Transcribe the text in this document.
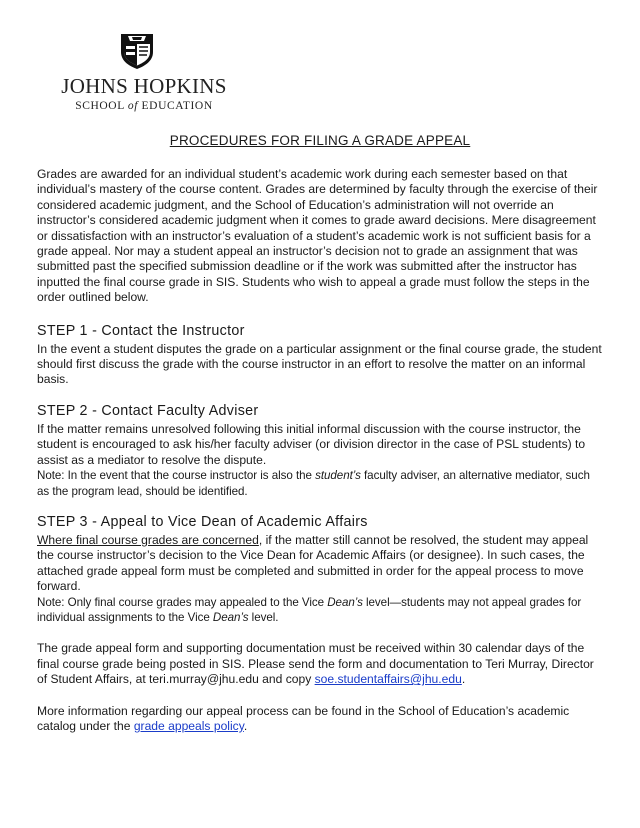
JOHNS HOPKINS
SCHOOL of EDUCATION
PROCEDURES FOR FILING A GRADE APPEAL

Grades are awarded for an individual student’s academic work during each semester based on that individual’s mastery of the course content. Grades are determined by faculty through the exercise of their considered academic judgment, and the School of Education’s administration will not override an instructor’s considered academic judgment when it comes to grade award decisions. Mere disagreement or dissatisfaction with an instructor’s evaluation of a student’s academic work is not sufficient basis for a grade appeal. Nor may a student appeal an instructor’s decision not to grade an assignment that was submitted past the specified submission deadline or if the work was submitted after the instructor has inputted the final course grade in SIS. Students who wish to appeal a grade must follow the steps in the order outlined below.

STEP 1 - Contact the Instructor

In the event a student disputes the grade on a particular assignment or the final course grade, the student should first discuss the grade with the course instructor in an effort to resolve the matter on an informal basis.

STEP 2 - Contact Faculty Adviser

If the matter remains unresolved following this initial informal discussion with the course instructor, the student is encouraged to ask his/her faculty adviser (or division director in the case of PSL students) to assist as a mediator to resolve the dispute.

Note: In the event that the course instructor is also the student’s faculty adviser, an alternative mediator, such as the program lead, should be identified.

STEP 3 - Appeal to Vice Dean of Academic Affairs

Where final course grades are concerned, if the matter still cannot be resolved, the student may appeal the course instructor’s decision to the Vice Dean for Academic Affairs (or designee). In such cases, the attached grade appeal form must be completed and submitted in order for the appeal process to move forward.

Note: Only final course grades may appealed to the Vice Dean’s level—students may not appeal grades for individual assignments to the Vice Dean’s level.

The grade appeal form and supporting documentation must be received within 30 calendar days of the final course grade being posted in SIS. Please send the form and documentation to Teri Murray, Director of Student Affairs, at teri.murray@jhu.edu and copy soe.studentaffairs@jhu.edu.

More information regarding our appeal process can be found in the School of Education’s academic catalog under the grade appeals policy.
